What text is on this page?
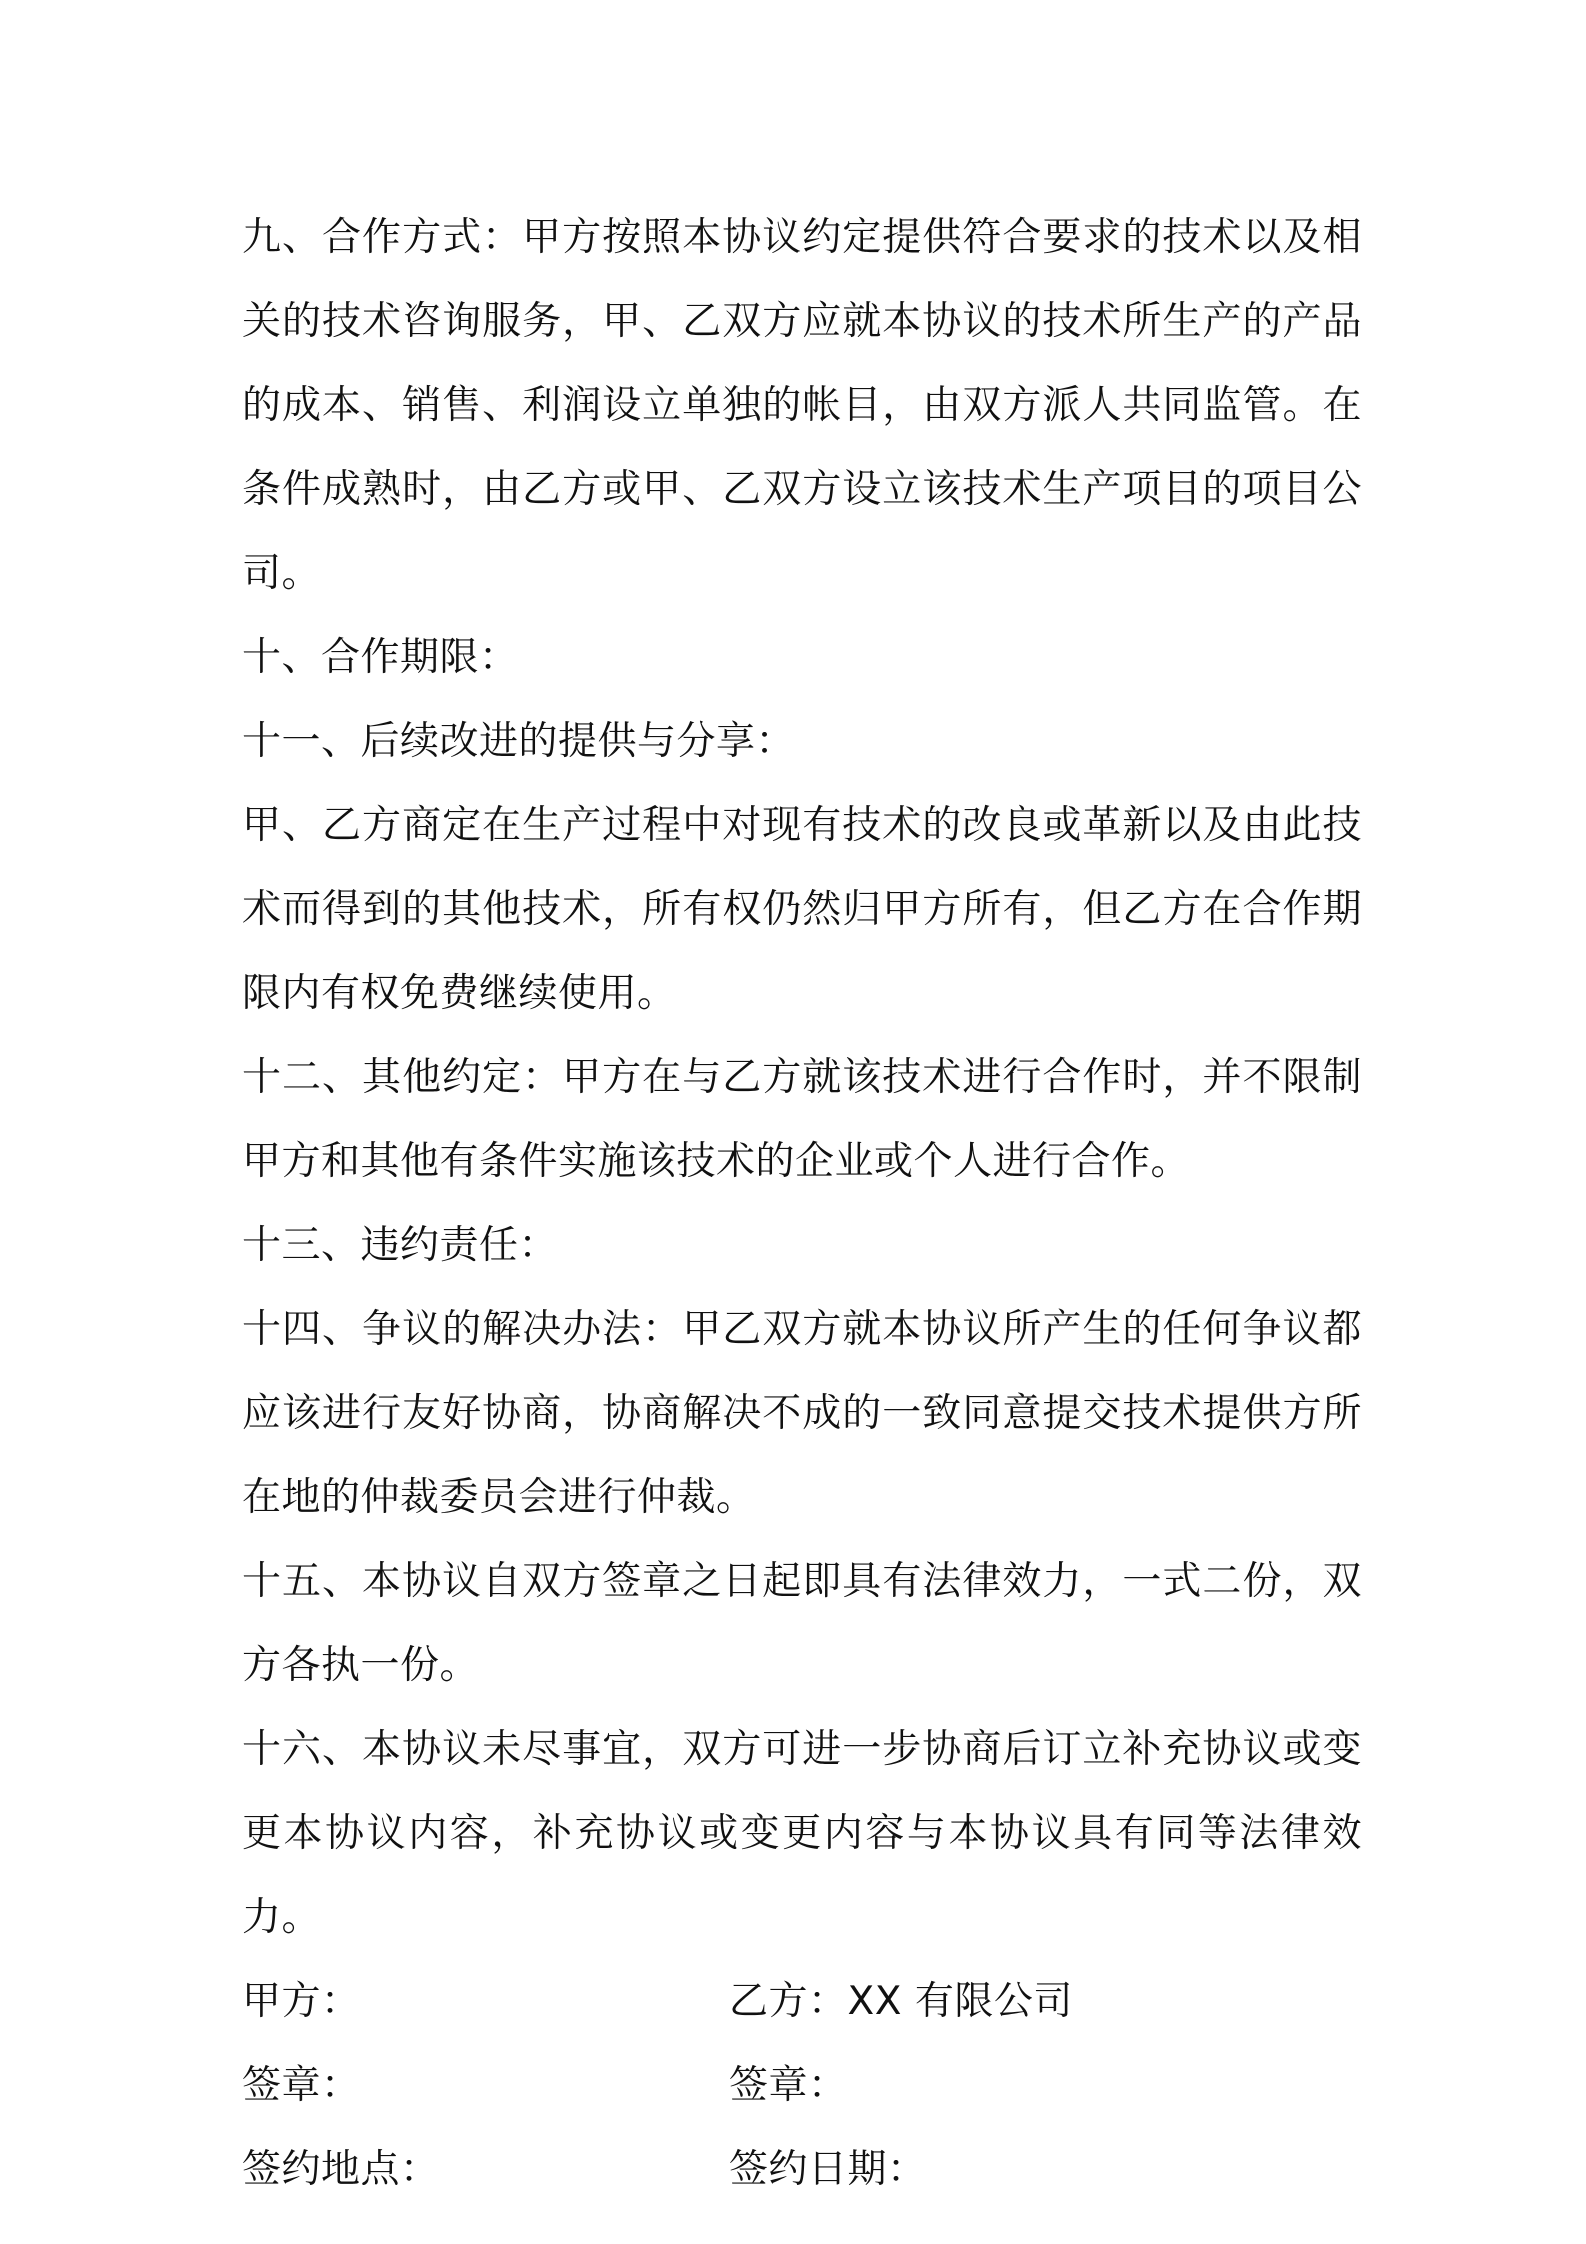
九、合作方式：甲方按照本协议约定提供符合要求的技术以及相关的技术咨询服务，甲、乙双方应就本协议的技术所生产的产品的成本、销售、利润设立单独的帐目，由双方派人共同监管。在条件成熟时，由乙方或甲、乙双方设立该技术生产项目的项目公司。

十、合作期限：

十一、后续改进的提供与分享：

甲、乙方商定在生产过程中对现有技术的改良或革新以及由此技术而得到的其他技术，所有权仍然归甲方所有，但乙方在合作期限内有权免费继续使用。

十二、其他约定：甲方在与乙方就该技术进行合作时，并不限制甲方和其他有条件实施该技术的企业或个人进行合作。

十三、违约责任：

十四、争议的解决办法：甲乙双方就本协议所产生的任何争议都应该进行友好协商，协商解决不成的一致同意提交技术提供方所在地的仲裁委员会进行仲裁。

十五、本协议自双方签章之日起即具有法律效力，一式二份，双方各执一份。

十六、本协议未尽事宜，双方可进一步协商后订立补充协议或变更本协议内容，补充协议或变更内容与本协议具有同等法律效力。

甲方：	乙方：XX 有限公司
签章：	签章：
签约地点：	签约日期：
